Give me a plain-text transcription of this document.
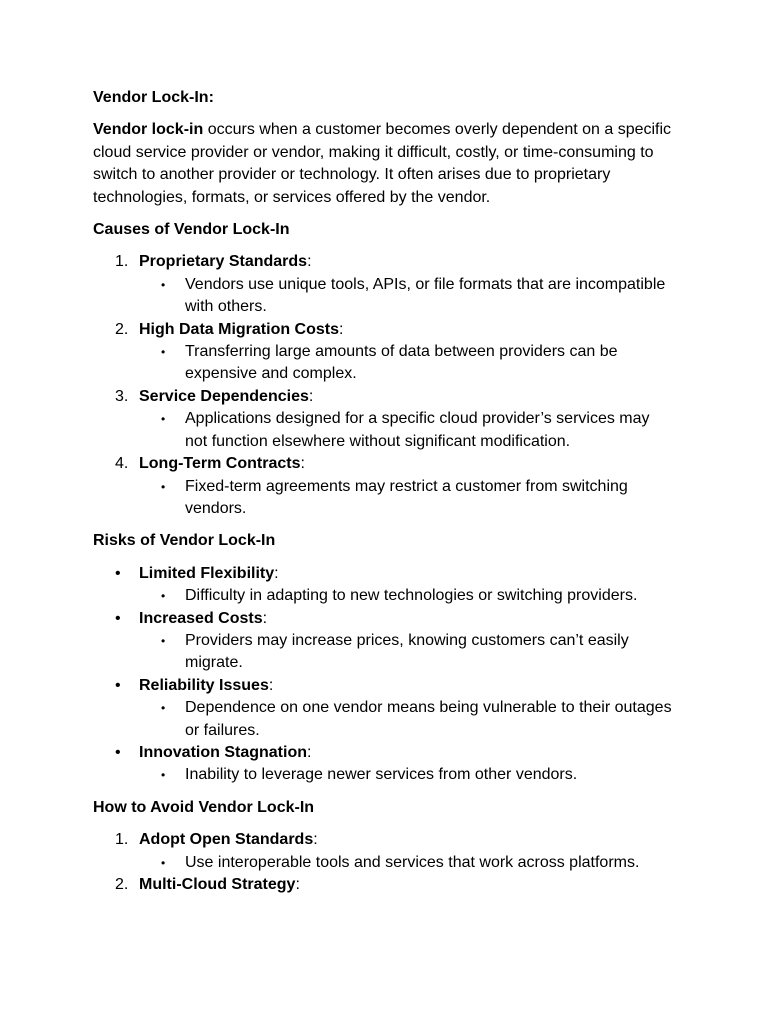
Vendor Lock-In:

Vendor lock-in occurs when a customer becomes overly dependent on a specific cloud service provider or vendor, making it difficult, costly, or time-consuming to switch to another provider or technology. It often arises due to proprietary technologies, formats, or services offered by the vendor.

Causes of Vendor Lock-In

1. Proprietary Standards:
• Vendors use unique tools, APIs, or file formats that are incompatible with others.
2. High Data Migration Costs:
• Transferring large amounts of data between providers can be expensive and complex.
3. Service Dependencies:
• Applications designed for a specific cloud provider’s services may not function elsewhere without significant modification.
4. Long-Term Contracts:
• Fixed-term agreements may restrict a customer from switching vendors.

Risks of Vendor Lock-In

• Limited Flexibility:
• Difficulty in adapting to new technologies or switching providers.
• Increased Costs:
• Providers may increase prices, knowing customers can’t easily migrate.
• Reliability Issues:
• Dependence on one vendor means being vulnerable to their outages or failures.
• Innovation Stagnation:
• Inability to leverage newer services from other vendors.

How to Avoid Vendor Lock-In

1. Adopt Open Standards:
• Use interoperable tools and services that work across platforms.
2. Multi-Cloud Strategy:
